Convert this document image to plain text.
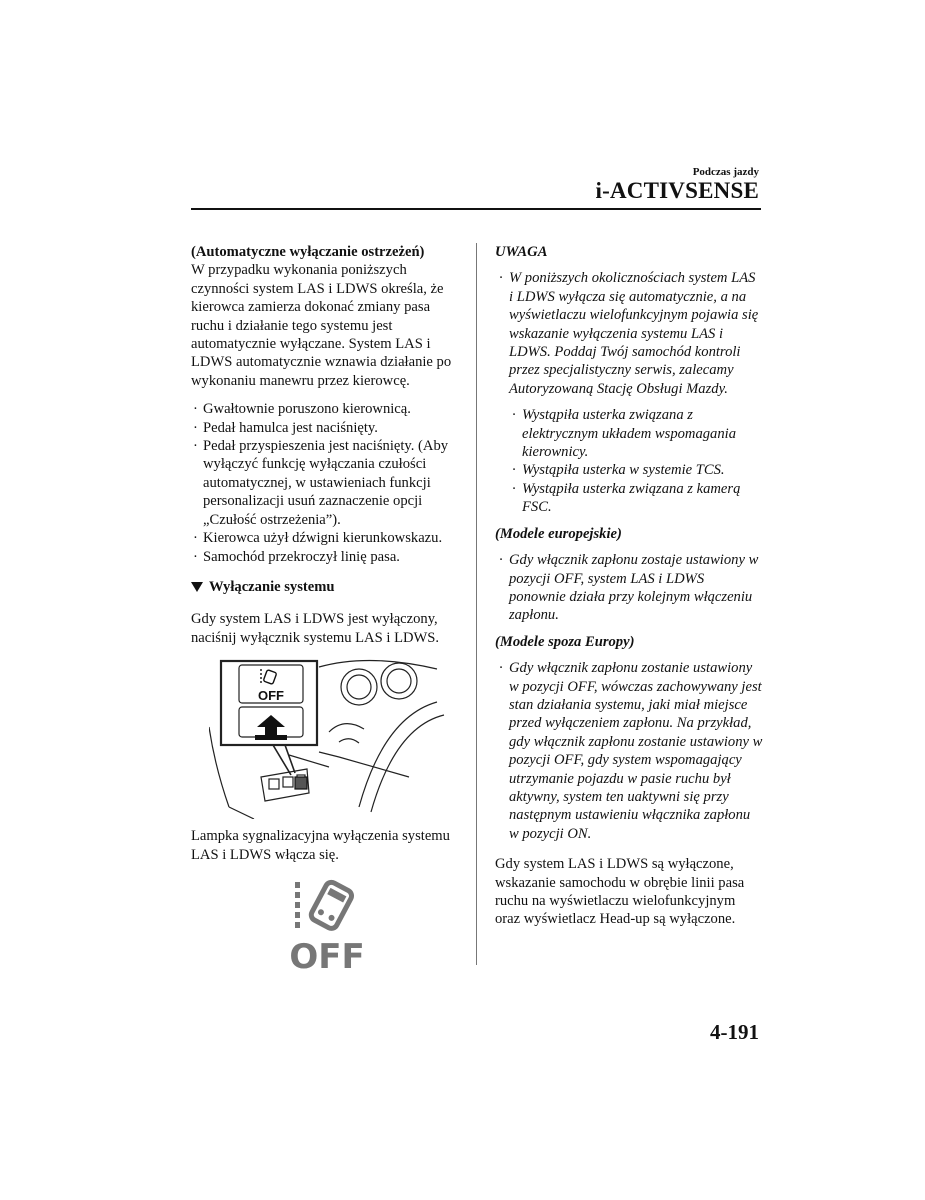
Podczas jazdy
i-ACTIVSENSE

(Automatyczne wyłączanie ostrzeżeń)

W przypadku wykonania poniższych czynności system LAS i LDWS określa, że kierowca zamierza dokonać zmiany pasa ruchu i działanie tego systemu jest automatycznie wyłączane. System LAS i LDWS automatycznie wznawia działanie po wykonaniu manewru przez kierowcę.

· Gwałtownie poruszono kierownicą.
· Pedał hamulca jest naciśnięty.
· Pedał przyspieszenia jest naciśnięty. (Aby wyłączyć funkcję wyłączania czułości automatycznej, w ustawieniach funkcji personalizacji usuń zaznaczenie opcji „Czułość ostrzeżenia”).
· Kierowca użył dźwigni kierunkowskazu.
· Samochód przekroczył linię pasa.
Wyłączanie systemu

Gdy system LAS i LDWS jest wyłączony, naciśnij wyłącznik systemu LAS i LDWS.

OFF

Lampka sygnalizacyjna wyłączenia systemu LAS i LDWS włącza się.

OFF

UWAGA

· W poniższych okolicznościach system LAS i LDWS wyłącza się automatycznie, a na wyświetlaczu wielofunkcyjnym pojawia się wskazanie wyłączenia systemu LAS i LDWS. Poddaj Twój samochód kontroli przez specjalistyczny serwis, zalecamy Autoryzowaną Stację Obsługi Mazdy.
· Wystąpiła usterka związana z elektrycznym układem wspomagania kierownicy.
· Wystąpiła usterka w systemie TCS.
· Wystąpiła usterka związana z kamerą FSC.

(Modele europejskie)

· Gdy włącznik zapłonu zostaje ustawiony w pozycji OFF, system LAS i LDWS ponownie działa przy kolejnym włączeniu zapłonu.

(Modele spoza Europy)

· Gdy włącznik zapłonu zostanie ustawiony w pozycji OFF, wówczas zachowywany jest stan działania systemu, jaki miał miejsce przed wyłączeniem zapłonu. Na przykład, gdy włącznik zapłonu zostanie ustawiony w pozycji OFF, gdy system wspomagający utrzymanie pojazdu w pasie ruchu był aktywny, system ten uaktywni się przy następnym ustawieniu włącznika zapłonu w pozycji ON.

Gdy system LAS i LDWS są wyłączone, wskazanie samochodu w obrębie linii pasa ruchu na wyświetlaczu wielofunkcyjnym oraz wyświetlacz Head-up są wyłączone.

4-191
